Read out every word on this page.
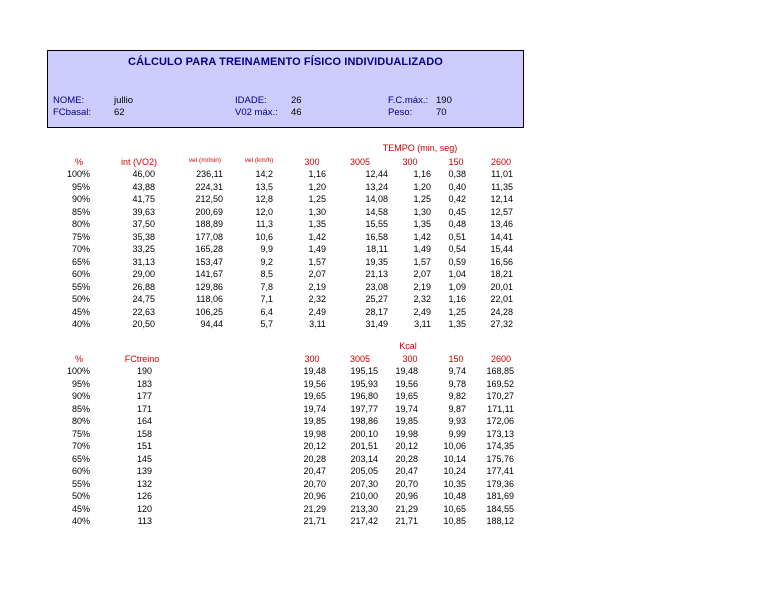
CÁLCULO PARA TREINAMENTO FÍSICO INDIVIDUALIZADO
NOME:	jullio
FCbasal: 62
IDADE:	26
V02 máx.: 46
F.C.máx.: 190
Peso: 70
TEMPO (min, seg)
%	int (VO2)	vel (m/min)	vel (km/h)	300	3005	300	150	2600
100%	46,00	236,11	14,2	1,16	12,44	1,16	0,38	11,01
95%	43,88	224,31	13,5	1,20	13,24	1,20	0,40	11,35
90%	41,75	212,50	12,8	1,25	14,08	1,25	0,42	12,14
85%	39,63	200,69	12,0	1,30	14,58	1,30	0,45	12,57
80%	37,50	188,89	11,3	1,35	15,55	1,35	0,48	13,46
75%	35,38	177,08	10,6	1,42	16,58	1,42	0,51	14,41
70%	33,25	165,28	9,9	1,49	18,11	1,49	0,54	15,44
65%	31,13	153,47	9,2	1,57	19,35	1,57	0,59	16,56
60%	29,00	141,67	8,5	2,07	21,13	2,07	1,04	18,21
55%	26,88	129,86	7,8	2,19	23,08	2,19	1,09	20,01
50%	24,75	118,06	7,1	2,32	25,27	2,32	1,16	22,01
45%	22,63	106,25	6,4	2,49	28,17	2,49	1,25	24,28
40%	20,50	94,44	5,7	3,11	31,49	3,11	1,35	27,32
Kcal
%	FCtreino	300	3005	300	150	2600
100%	190	19,48	195,15	19,48	9,74	168,85
95%	183	19,56	195,93	19,56	9,78	169,52
90%	177	19,65	196,80	19,65	9,82	170,27
85%	171	19,74	197,77	19,74	9,87	171,11
80%	164	19,85	198,86	19,85	9,93	172,06
75%	158	19,98	200,10	19,98	9,99	173,13
70%	151	20,12	201,51	20,12	10,06	174,35
65%	145	20,28	203,14	20,28	10,14	175,76
60%	139	20,47	205,05	20,47	10,24	177,41
55%	132	20,70	207,30	20,70	10,35	179,36
50%	126	20,96	210,00	20,96	10,48	181,69
45%	120	21,29	213,30	21,29	10,65	184,55
40%	113	21,71	217,42	21,71	10,85	188,12
